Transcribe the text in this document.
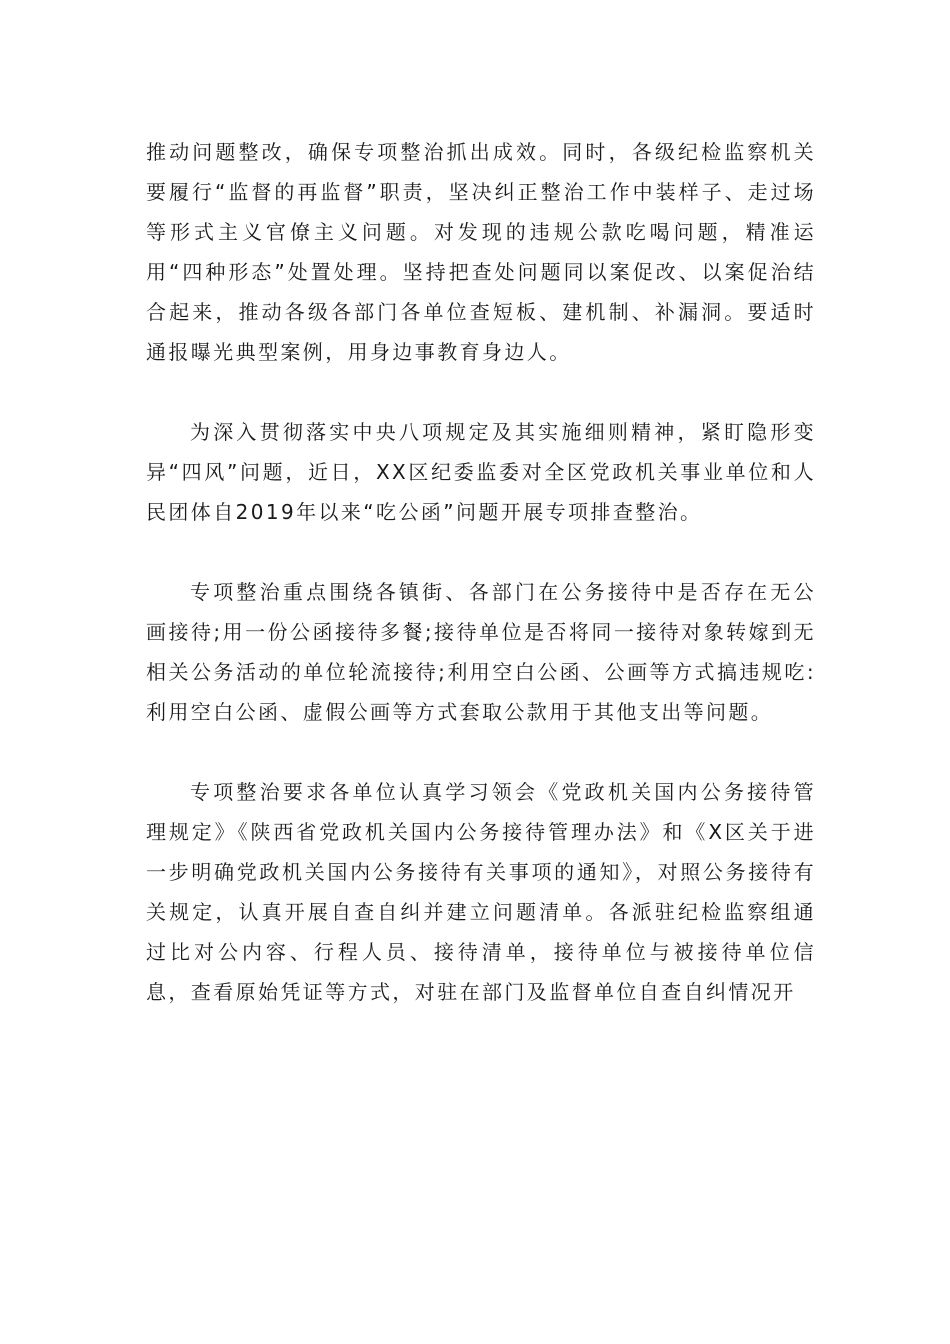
推动问题整改，确保专项整治抓出成效。同时，各级纪检监察机关要履行“监督的再监督”职责，坚决纠正整治工作中装样子、走过场等形式主义官僚主义问题。对发现的违规公款吃喝问题，精准运用“四种形态”处置处理。坚持把查处问题同以案促改、以案促治结合起来，推动各级各部门各单位查短板、建机制、补漏洞。要适时通报曝光典型案例，用身边事教育身边人。

为深入贯彻落实中央八项规定及其实施细则精神，紧盯隐形变异“四风”问题，近日，XX区纪委监委对全区党政机关事业单位和人民团体自2019年以来“吃公函”问题开展专项排查整治。

专项整治重点围绕各镇街、各部门在公务接待中是否存在无公画接待;用一份公函接待多餐;接待单位是否将同一接待对象转嫁到无相关公务活动的单位轮流接待;利用空白公函、公画等方式搞违规吃:利用空白公函、虚假公画等方式套取公款用于其他支出等问题。

专项整治要求各单位认真学习领会《党政机关国内公务接待管理规定》《陕西省党政机关国内公务接待管理办法》和《X区关于进一步明确党政机关国内公务接待有关事项的通知》，对照公务接待有关规定，认真开展自查自纠并建立问题清单。各派驻纪检监察组通过比对公内容、行程人员、接待清单，接待单位与被接待单位信息，查看原始凭证等方式，对驻在部门及监督单位自查自纠情况开
